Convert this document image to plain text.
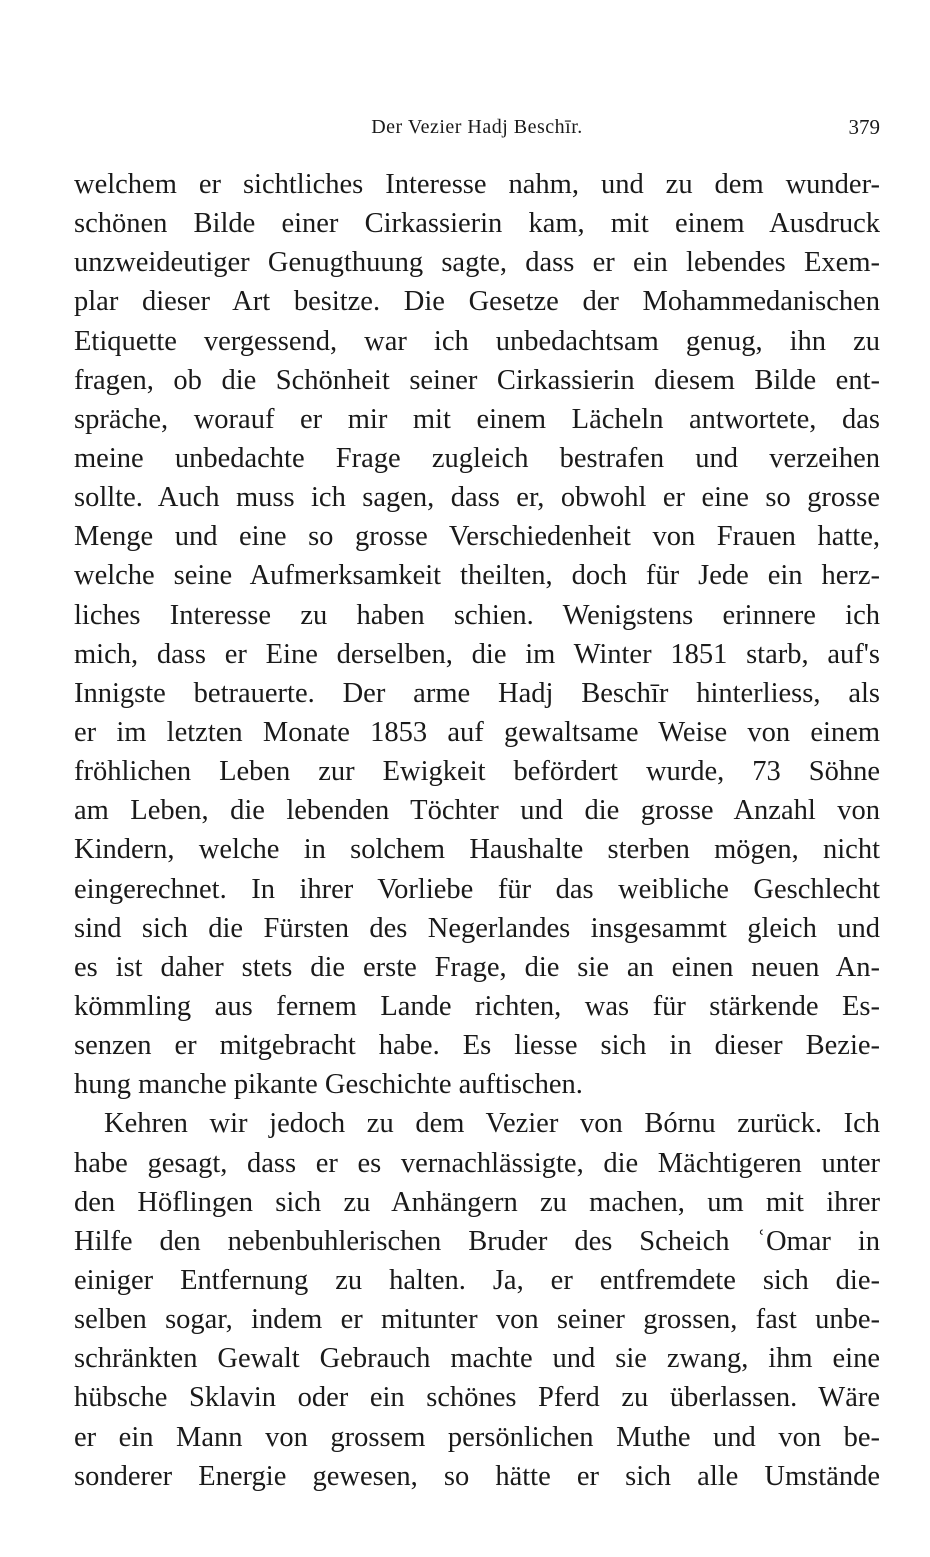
Der Vezier Hadj Beschīr.	379
welchem er sichtliches Interesse nahm, und zu dem wunder-
schönen Bilde einer Cirkassierin kam, mit einem Ausdruck
unzweideutiger Genugthuung sagte, dass er ein lebendes Exem-
plar dieser Art besitze. Die Gesetze der Mohammedanischen
Etiquette vergessend, war ich unbedachtsam genug, ihn zu
fragen, ob die Schönheit seiner Cirkassierin diesem Bilde ent-
spräche, worauf er mir mit einem Lächeln antwortete, das
meine unbedachte Frage zugleich bestrafen und verzeihen
sollte. Auch muss ich sagen, dass er, obwohl er eine so grosse
Menge und eine so grosse Verschiedenheit von Frauen hatte,
welche seine Aufmerksamkeit theilten, doch für Jede ein herz-
liches Interesse zu haben schien. Wenigstens erinnere ich
mich, dass er Eine derselben, die im Winter 1851 starb, auf's
Innigste betrauerte. Der arme Hadj Beschīr hinterliess, als
er im letzten Monate 1853 auf gewaltsame Weise von einem
fröhlichen Leben zur Ewigkeit befördert wurde, 73 Söhne
am Leben, die lebenden Töchter und die grosse Anzahl von
Kindern, welche in solchem Haushalte sterben mögen, nicht
eingerechnet. In ihrer Vorliebe für das weibliche Geschlecht
sind sich die Fürsten des Negerlandes insgesammt gleich und
es ist daher stets die erste Frage, die sie an einen neuen An-
kömmling aus fernem Lande richten, was für stärkende Es-
senzen er mitgebracht habe. Es liesse sich in dieser Bezie-
hung manche pikante Geschichte auftischen.
Kehren wir jedoch zu dem Vezier von Bórnu zurück. Ich
habe gesagt, dass er es vernachlässigte, die Mächtigeren unter
den Höflingen sich zu Anhängern zu machen, um mit ihrer
Hilfe den nebenbuhlerischen Bruder des Scheich ʿOmar in
einiger Entfernung zu halten. Ja, er entfremdete sich die-
selben sogar, indem er mitunter von seiner grossen, fast unbe-
schränkten Gewalt Gebrauch machte und sie zwang, ihm eine
hübsche Sklavin oder ein schönes Pferd zu überlassen. Wäre
er ein Mann von grossem persönlichen Muthe und von be-
sonderer Energie gewesen, so hätte er sich alle Umstände
